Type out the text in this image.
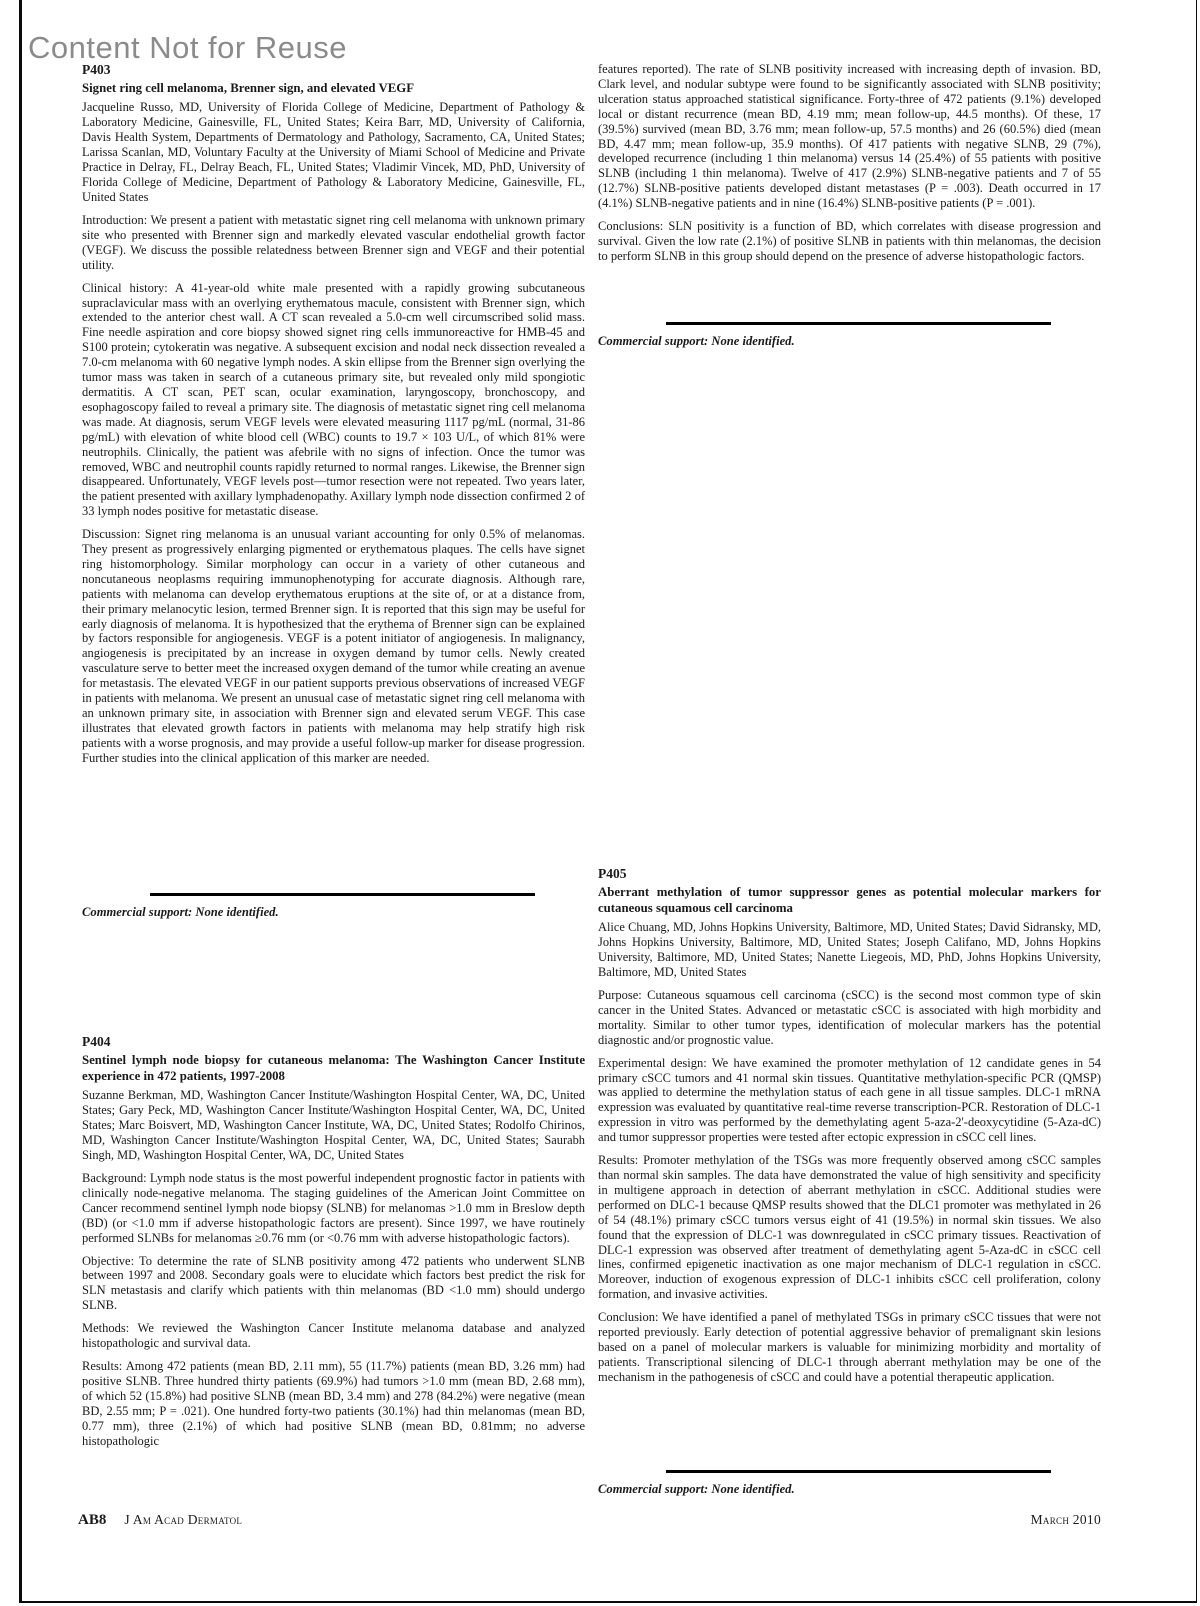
Content Not for Reuse

P403

Signet ring cell melanoma, Brenner sign, and elevated VEGF

Jacqueline Russo, MD, University of Florida College of Medicine, Department of Pathology & Laboratory Medicine, Gainesville, FL, United States; Keira Barr, MD, University of California, Davis Health System, Departments of Dermatology and Pathology, Sacramento, CA, United States; Larissa Scanlan, MD, Voluntary Faculty at the University of Miami School of Medicine and Private Practice in Delray, FL, Delray Beach, FL, United States; Vladimir Vincek, MD, PhD, University of Florida College of Medicine, Department of Pathology & Laboratory Medicine, Gainesville, FL, United States

Introduction: We present a patient with metastatic signet ring cell melanoma with unknown primary site who presented with Brenner sign and markedly elevated vascular endothelial growth factor (VEGF). We discuss the possible relatedness between Brenner sign and VEGF and their potential utility.

Clinical history: A 41-year-old white male presented with a rapidly growing subcutaneous supraclavicular mass with an overlying erythematous macule, consistent with Brenner sign, which extended to the anterior chest wall. A CT scan revealed a 5.0-cm well circumscribed solid mass. Fine needle aspiration and core biopsy showed signet ring cells immunoreactive for HMB-45 and S100 protein; cytokeratin was negative. A subsequent excision and nodal neck dissection revealed a 7.0-cm melanoma with 60 negative lymph nodes. A skin ellipse from the Brenner sign overlying the tumor mass was taken in search of a cutaneous primary site, but revealed only mild spongiotic dermatitis. A CT scan, PET scan, ocular examination, laryngoscopy, bronchoscopy, and esophagoscopy failed to reveal a primary site. The diagnosis of metastatic signet ring cell melanoma was made. At diagnosis, serum VEGF levels were elevated measuring 1117 pg/mL (normal, 31-86 pg/mL) with elevation of white blood cell (WBC) counts to 19.7 × 103 U/L, of which 81% were neutrophils. Clinically, the patient was afebrile with no signs of infection. Once the tumor was removed, WBC and neutrophil counts rapidly returned to normal ranges. Likewise, the Brenner sign disappeared. Unfortunately, VEGF levels post—tumor resection were not repeated. Two years later, the patient presented with axillary lymphadenopathy. Axillary lymph node dissection confirmed 2 of 33 lymph nodes positive for metastatic disease.

Discussion: Signet ring melanoma is an unusual variant accounting for only 0.5% of melanomas. They present as progressively enlarging pigmented or erythematous plaques. The cells have signet ring histomorphology. Similar morphology can occur in a variety of other cutaneous and noncutaneous neoplasms requiring immunophenotyping for accurate diagnosis. Although rare, patients with melanoma can develop erythematous eruptions at the site of, or at a distance from, their primary melanocytic lesion, termed Brenner sign. It is reported that this sign may be useful for early diagnosis of melanoma. It is hypothesized that the erythema of Brenner sign can be explained by factors responsible for angiogenesis. VEGF is a potent initiator of angiogenesis. In malignancy, angiogenesis is precipitated by an increase in oxygen demand by tumor cells. Newly created vasculature serve to better meet the increased oxygen demand of the tumor while creating an avenue for metastasis. The elevated VEGF in our patient supports previous observations of increased VEGF in patients with melanoma. We present an unusual case of metastatic signet ring cell melanoma with an unknown primary site, in association with Brenner sign and elevated serum VEGF. This case illustrates that elevated growth factors in patients with melanoma may help stratify high risk patients with a worse prognosis, and may provide a useful follow-up marker for disease progression. Further studies into the clinical application of this marker are needed.

Commercial support: None identified.

P404

Sentinel lymph node biopsy for cutaneous melanoma: The Washington Cancer Institute experience in 472 patients, 1997-2008

Suzanne Berkman, MD, Washington Cancer Institute/Washington Hospital Center, WA, DC, United States; Gary Peck, MD, Washington Cancer Institute/Washington Hospital Center, WA, DC, United States; Marc Boisvert, MD, Washington Cancer Institute, WA, DC, United States; Rodolfo Chirinos, MD, Washington Cancer Institute/Washington Hospital Center, WA, DC, United States; Saurabh Singh, MD, Washington Hospital Center, WA, DC, United States

Background: Lymph node status is the most powerful independent prognostic factor in patients with clinically node-negative melanoma. The staging guidelines of the American Joint Committee on Cancer recommend sentinel lymph node biopsy (SLNB) for melanomas >1.0 mm in Breslow depth (BD) (or <1.0 mm if adverse histopathologic factors are present). Since 1997, we have routinely performed SLNBs for melanomas ≥0.76 mm (or <0.76 mm with adverse histopathologic factors).

Objective: To determine the rate of SLNB positivity among 472 patients who underwent SLNB between 1997 and 2008. Secondary goals were to elucidate which factors best predict the risk for SLN metastasis and clarify which patients with thin melanomas (BD <1.0 mm) should undergo SLNB.

Methods: We reviewed the Washington Cancer Institute melanoma database and analyzed histopathologic and survival data.

Results: Among 472 patients (mean BD, 2.11 mm), 55 (11.7%) patients (mean BD, 3.26 mm) had positive SLNB. Three hundred thirty patients (69.9%) had tumors >1.0 mm (mean BD, 2.68 mm), of which 52 (15.8%) had positive SLNB (mean BD, 3.4 mm) and 278 (84.2%) were negative (mean BD, 2.55 mm; P = .021). One hundred forty-two patients (30.1%) had thin melanomas (mean BD, 0.77 mm), three (2.1%) of which had positive SLNB (mean BD, 0.81mm; no adverse histopathologic

features reported). The rate of SLNB positivity increased with increasing depth of invasion. BD, Clark level, and nodular subtype were found to be significantly associated with SLNB positivity; ulceration status approached statistical significance. Forty-three of 472 patients (9.1%) developed local or distant recurrence (mean BD, 4.19 mm; mean follow-up, 44.5 months). Of these, 17 (39.5%) survived (mean BD, 3.76 mm; mean follow-up, 57.5 months) and 26 (60.5%) died (mean BD, 4.47 mm; mean follow-up, 35.9 months). Of 417 patients with negative SLNB, 29 (7%), developed recurrence (including 1 thin melanoma) versus 14 (25.4%) of 55 patients with positive SLNB (including 1 thin melanoma). Twelve of 417 (2.9%) SLNB-negative patients and 7 of 55 (12.7%) SLNB-positive patients developed distant metastases (P = .003). Death occurred in 17 (4.1%) SLNB-negative patients and in nine (16.4%) SLNB-positive patients (P = .001).

Conclusions: SLN positivity is a function of BD, which correlates with disease progression and survival. Given the low rate (2.1%) of positive SLNB in patients with thin melanomas, the decision to perform SLNB in this group should depend on the presence of adverse histopathologic factors.

Commercial support: None identified.

P405

Aberrant methylation of tumor suppressor genes as potential molecular markers for cutaneous squamous cell carcinoma

Alice Chuang, MD, Johns Hopkins University, Baltimore, MD, United States; David Sidransky, MD, Johns Hopkins University, Baltimore, MD, United States; Joseph Califano, MD, Johns Hopkins University, Baltimore, MD, United States; Nanette Liegeois, MD, PhD, Johns Hopkins University, Baltimore, MD, United States

Purpose: Cutaneous squamous cell carcinoma (cSCC) is the second most common type of skin cancer in the United States. Advanced or metastatic cSCC is associated with high morbidity and mortality. Similar to other tumor types, identification of molecular markers has the potential diagnostic and/or prognostic value.

Experimental design: We have examined the promoter methylation of 12 candidate genes in 54 primary cSCC tumors and 41 normal skin tissues. Quantitative methylation-specific PCR (QMSP) was applied to determine the methylation status of each gene in all tissue samples. DLC-1 mRNA expression was evaluated by quantitative real-time reverse transcription-PCR. Restoration of DLC-1 expression in vitro was performed by the demethylating agent 5-aza-2'-deoxycytidine (5-Aza-dC) and tumor suppressor properties were tested after ectopic expression in cSCC cell lines.

Results: Promoter methylation of the TSGs was more frequently observed among cSCC samples than normal skin samples. The data have demonstrated the value of high sensitivity and specificity in multigene approach in detection of aberrant methylation in cSCC. Additional studies were performed on DLC-1 because QMSP results showed that the DLC1 promoter was methylated in 26 of 54 (48.1%) primary cSCC tumors versus eight of 41 (19.5%) in normal skin tissues. We also found that the expression of DLC-1 was downregulated in cSCC primary tissues. Reactivation of DLC-1 expression was observed after treatment of demethylating agent 5-Aza-dC in cSCC cell lines, confirmed epigenetic inactivation as one major mechanism of DLC-1 regulation in cSCC. Moreover, induction of exogenous expression of DLC-1 inhibits cSCC cell proliferation, colony formation, and invasive activities.

Conclusion: We have identified a panel of methylated TSGs in primary cSCC tissues that were not reported previously. Early detection of potential aggressive behavior of premalignant skin lesions based on a panel of molecular markers is valuable for minimizing morbidity and mortality of patients. Transcriptional silencing of DLC-1 through aberrant methylation may be one of the mechanism in the pathogenesis of cSCC and could have a potential therapeutic application.

Commercial support: None identified.

AB8 J Am Acad Dermatol	March 2010
